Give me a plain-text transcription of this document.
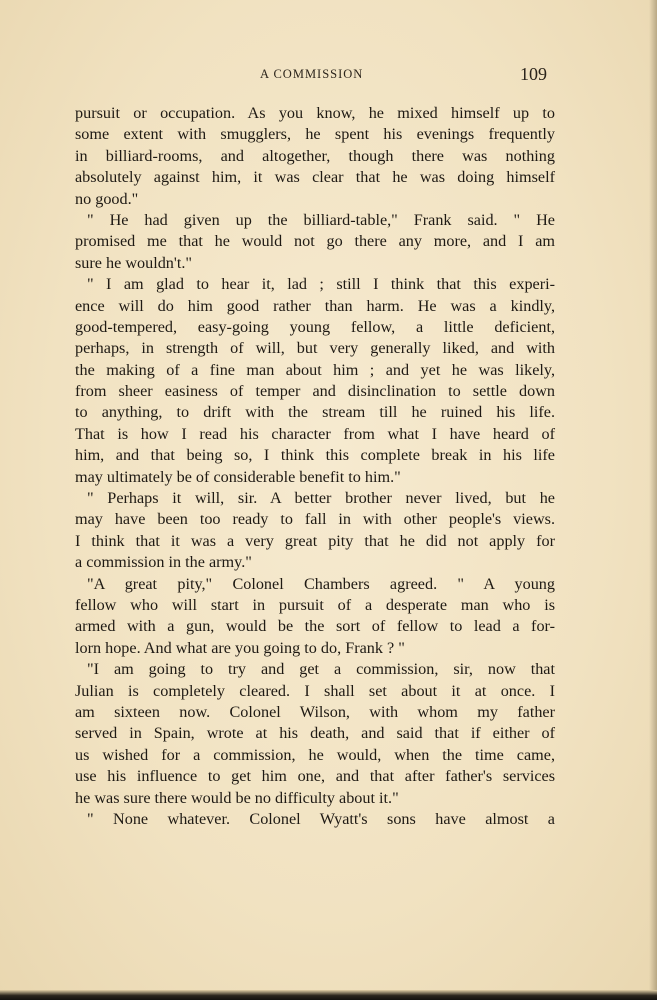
A COMMISSION	109
pursuit or occupation. As you know, he mixed himself up to
some extent with smugglers, he spent his evenings frequently
in billiard-rooms, and altogether, though there was nothing
absolutely against him, it was clear that he was doing himself
no good."
" He had given up the billiard-table," Frank said. " He
promised me that he would not go there any more, and I am
sure he wouldn't."
" I am glad to hear it, lad ; still I think that this experi-
ence will do him good rather than harm. He was a kindly,
good-tempered, easy-going young fellow, a little deficient,
perhaps, in strength of will, but very generally liked, and with
the making of a fine man about him ; and yet he was likely,
from sheer easiness of temper and disinclination to settle down
to anything, to drift with the stream till he ruined his life.
That is how I read his character from what I have heard of
him, and that being so, I think this complete break in his life
may ultimately be of considerable benefit to him."
" Perhaps it will, sir. A better brother never lived, but he
may have been too ready to fall in with other people's views.
I think that it was a very great pity that he did not apply for
a commission in the army."
"A great pity," Colonel Chambers agreed. " A young
fellow who will start in pursuit of a desperate man who is
armed with a gun, would be the sort of fellow to lead a for-
lorn hope. And what are you going to do, Frank ? "
"I am going to try and get a commission, sir, now that
Julian is completely cleared. I shall set about it at once. I
am sixteen now. Colonel Wilson, with whom my father
served in Spain, wrote at his death, and said that if either of
us wished for a commission, he would, when the time came,
use his influence to get him one, and that after father's services
he was sure there would be no difficulty about it."
" None whatever. Colonel Wyatt's sons have almost a
